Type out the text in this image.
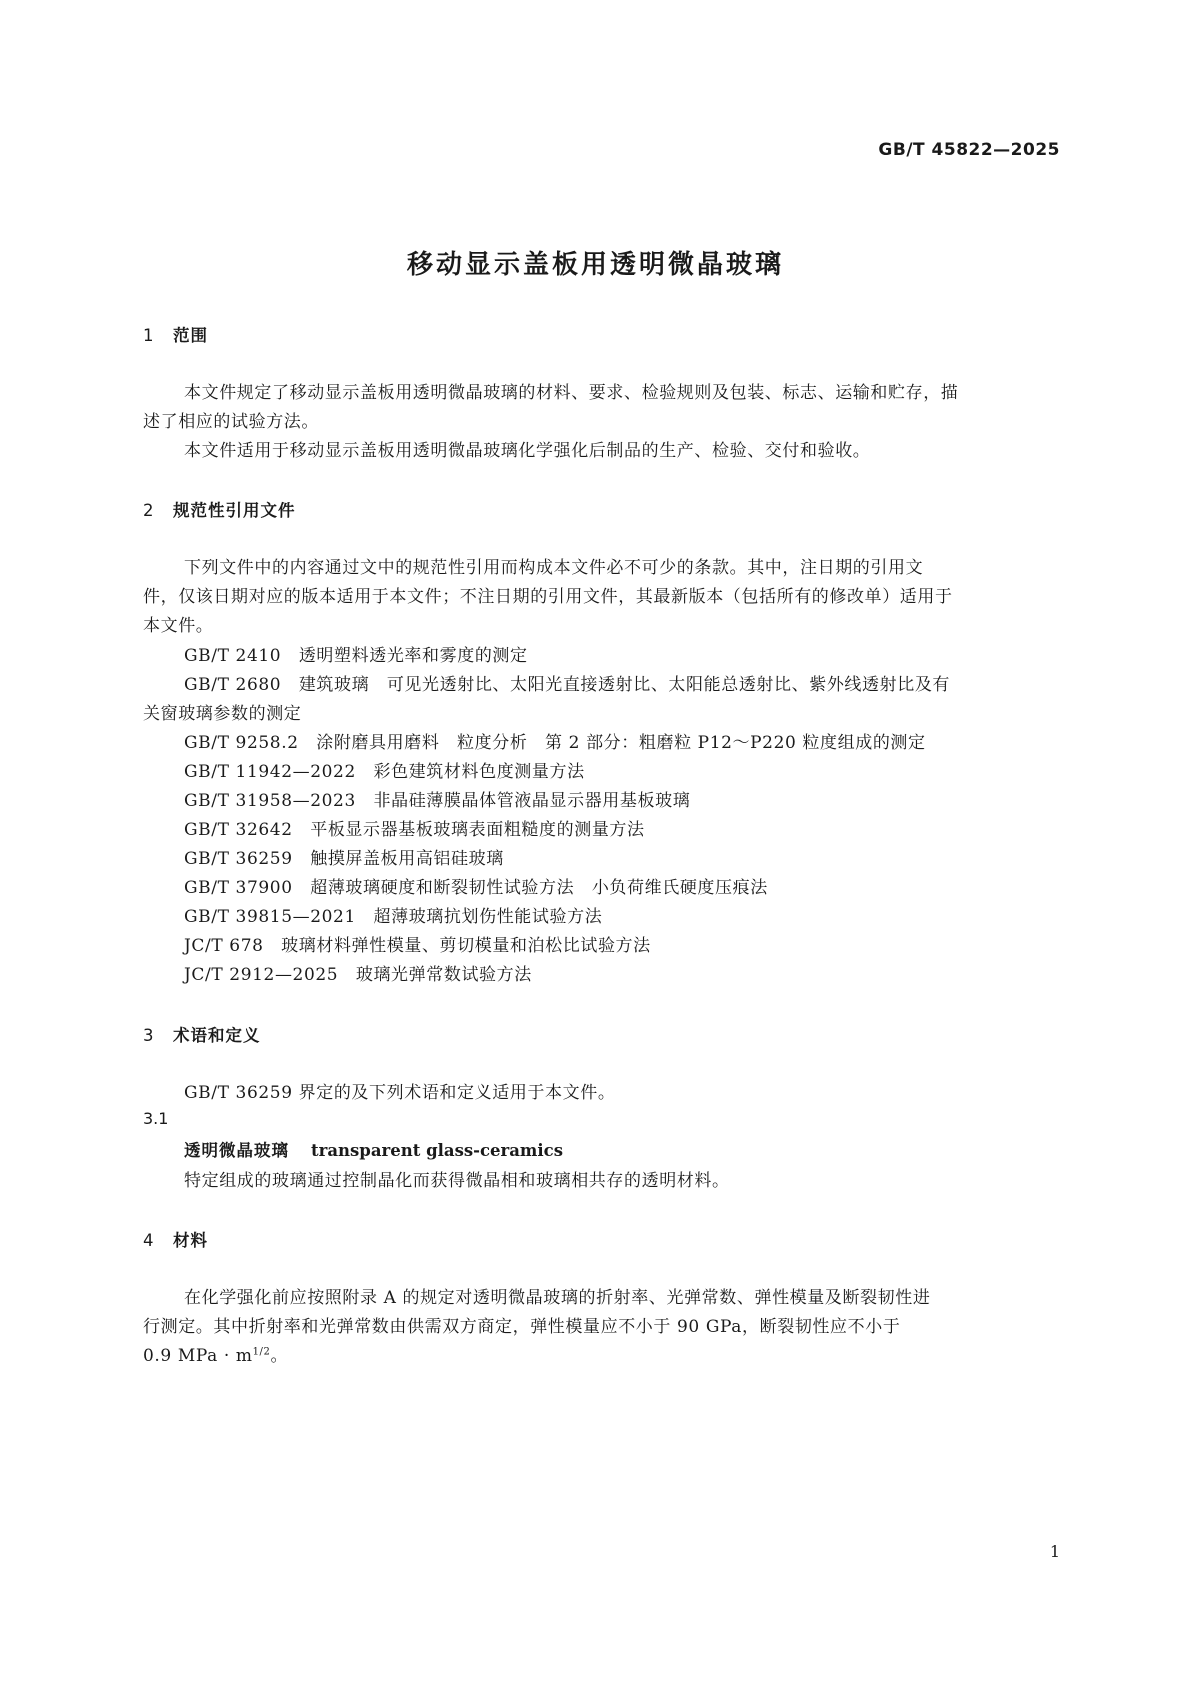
GB/T 45822—2025
移动显示盖板用透明微晶玻璃
1 范围
本文件规定了移动显示盖板用透明微晶玻璃的材料、要求、检验规则及包装、标志、运输和贮存，描
述了相应的试验方法。
本文件适用于移动显示盖板用透明微晶玻璃化学强化后制品的生产、检验、交付和验收。
2 规范性引用文件
下列文件中的内容通过文中的规范性引用而构成本文件必不可少的条款。其中，注日期的引用文
件，仅该日期对应的版本适用于本文件；不注日期的引用文件，其最新版本（包括所有的修改单）适用于
本文件。
GB/T 2410　 透明塑料透光率和雾度的测定
GB/T 2680　 建筑玻璃　可见光透射比、太阳光直接透射比、太阳能总透射比、紫外线透射比及有
关窗玻璃参数的测定
GB/T 9258.2　 涂附磨具用磨料　粒度分析　第 2 部分：粗磨粒 P12～P220 粒度组成的测定
GB/T 11942—2022　 彩色建筑材料色度测量方法
GB/T 31958—2023　 非晶硅薄膜晶体管液晶显示器用基板玻璃
GB/T 32642　 平板显示器基板玻璃表面粗糙度的测量方法
GB/T 36259　 触摸屏盖板用高铝硅玻璃
GB/T 37900　 超薄玻璃硬度和断裂韧性试验方法　小负荷维氏硬度压痕法
GB/T 39815—2021　 超薄玻璃抗划伤性能试验方法
JC/T 678　 玻璃材料弹性模量、剪切模量和泊松比试验方法
JC/T 2912—2025　 玻璃光弹常数试验方法
3 术语和定义
GB/T 36259 界定的及下列术语和定义适用于本文件。
3.1
透明微晶玻璃 transparent glass-ceramics
特定组成的玻璃通过控制晶化而获得微晶相和玻璃相共存的透明材料。
4 材料
在化学强化前应按照附录 A 的规定对透明微晶玻璃的折射率、光弹常数、弹性模量及断裂韧性进
行测定。其中折射率和光弹常数由供需双方商定，弹性模量应不小于 90 GPa，断裂韧性应不小于
0.9 MPa · $m^{1/2}$。
1
